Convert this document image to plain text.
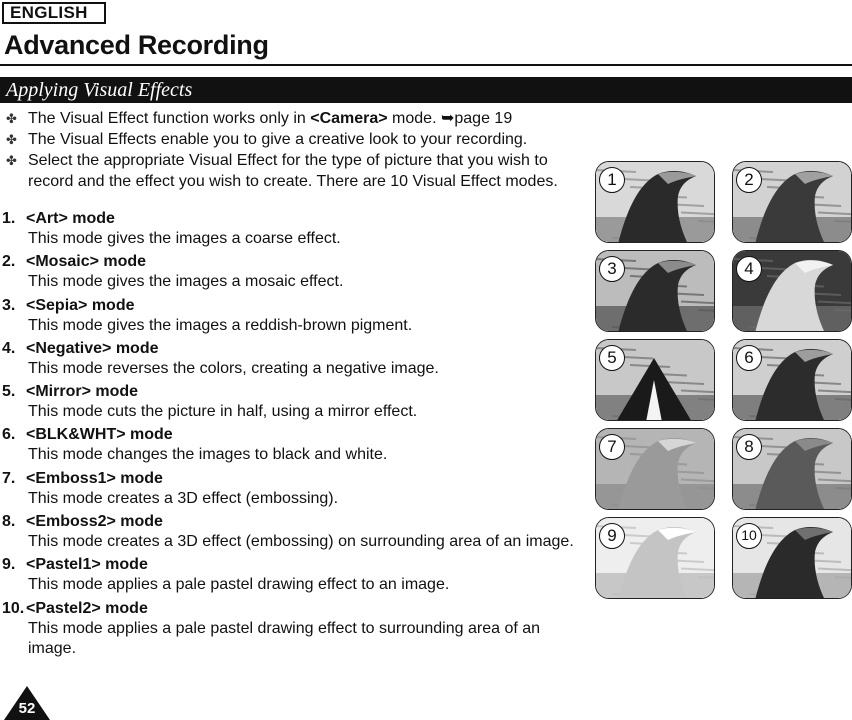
ENGLISH
Advanced Recording
Applying Visual Effects
✤ The Visual Effect function works only in <Camera> mode. ➥page 19
✤ The Visual Effects enable you to give a creative look to your recording.
✤ Select the appropriate Visual Effect for the type of picture that you wish to record and the effect you wish to create. There are 10 Visual Effect modes.
1. <Art> mode
This mode gives the images a coarse effect.
2. <Mosaic> mode
This mode gives the images a mosaic effect.
3. <Sepia> mode
This mode gives the images a reddish-brown pigment.
4. <Negative> mode
This mode reverses the colors, creating a negative image.
5. <Mirror> mode
This mode cuts the picture in half, using a mirror effect.
6. <BLK&WHT> mode
This mode changes the images to black and white.
7. <Emboss1> mode
This mode creates a 3D effect (embossing).
8. <Emboss2> mode
This mode creates a 3D effect (embossing) on surrounding area of an image.
9. <Pastel1> mode
This mode applies a pale pastel drawing effect to an image.
10. <Pastel2> mode
This mode applies a pale pastel drawing effect to surrounding area of an image.
1	2
3	4
5	6
7	8
9	10
52
